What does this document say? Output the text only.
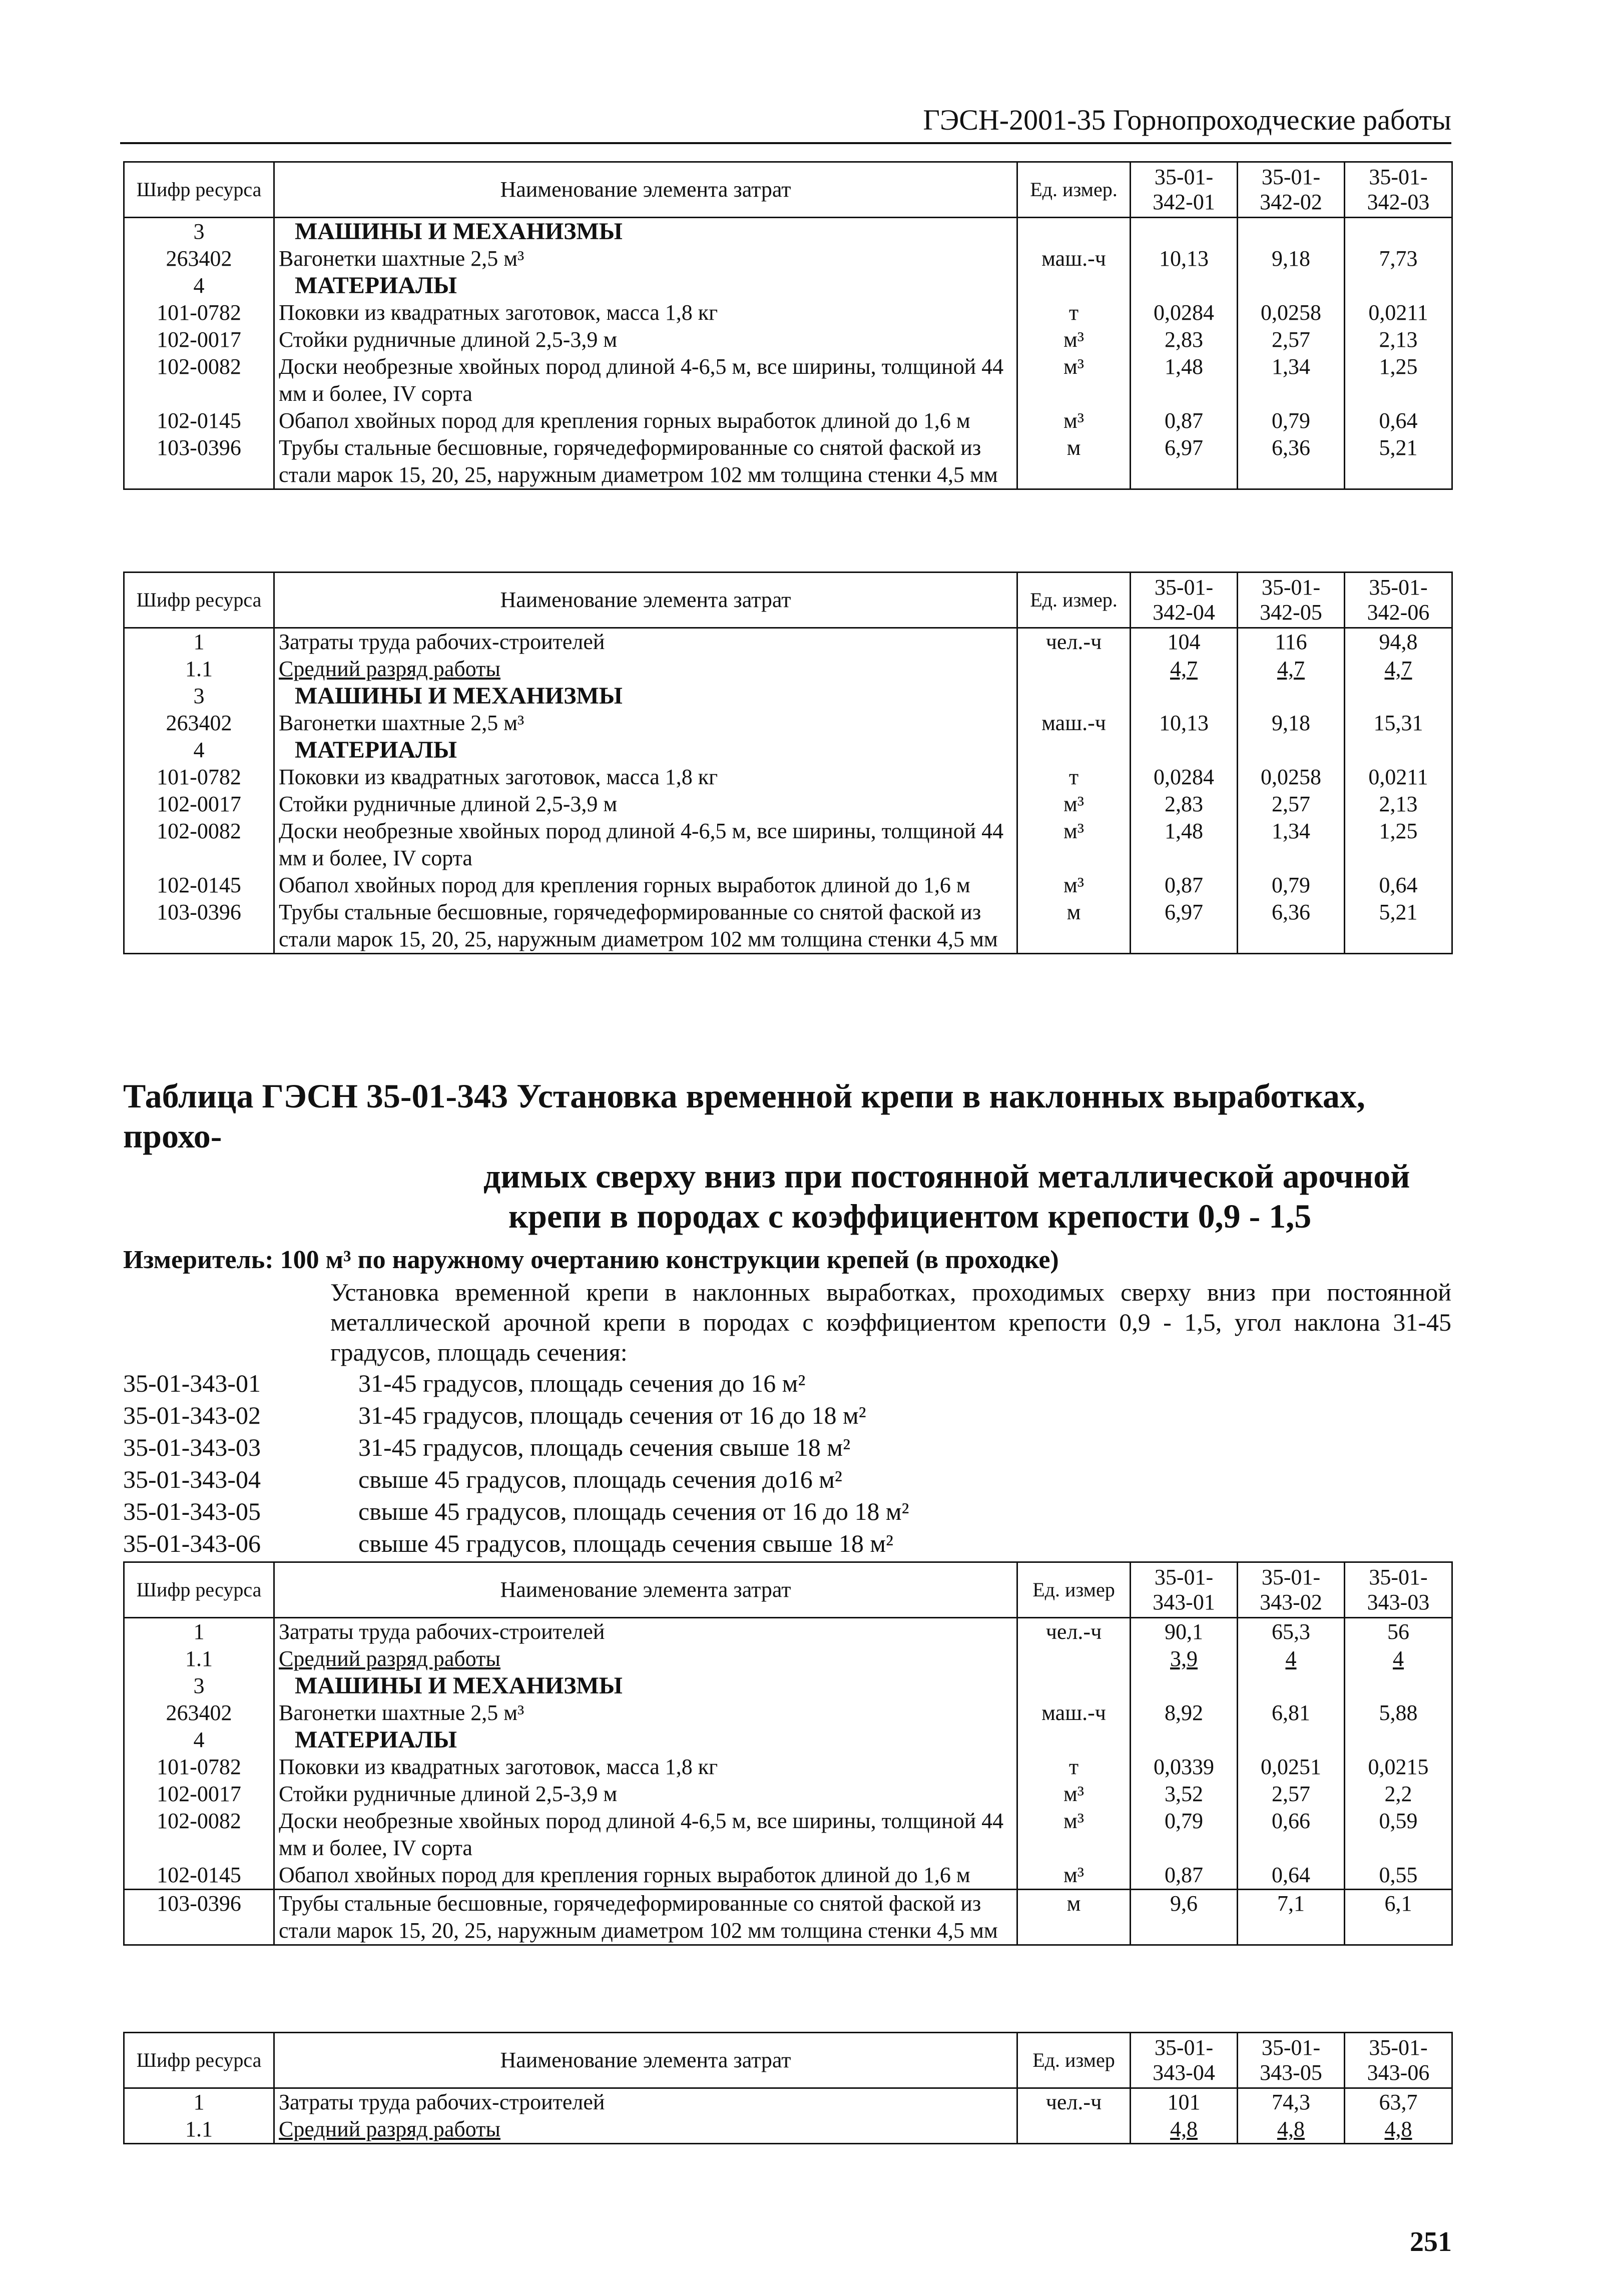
ГЭСН-2001-35 Горнопроходческие работы
Шифр ресурса	Наименование элемента затрат	Ед. измер.	35-01-342-01	35-01-342-02	35-01-342-03
3	МАШИНЫ И МЕХАНИЗМЫ				
263402	Вагонетки шахтные 2,5 м³	маш.-ч	10,13	9,18	7,73
4	МАТЕРИАЛЫ				
101-0782	Поковки из квадратных заготовок, масса 1,8 кг	т	0,0284	0,0258	0,0211
102-0017	Стойки рудничные длиной 2,5-3,9 м	м³	2,83	2,57	2,13
102-0082	Доски необрезные хвойных пород длиной 4-6,5 м, все ширины, толщиной 44 мм и более, IV сорта	м³	1,48	1,34	1,25
102-0145	Обапол хвойных пород для крепления горных выработок длиной до 1,6 м	м³	0,87	0,79	0,64
103-0396	Трубы стальные бесшовные, горячедеформированные со снятой фаской из стали марок 15, 20, 25, наружным диаметром 102 мм толщина стенки 4,5 мм	м	6,97	6,36	5,21
Шифр ресурса	Наименование элемента затрат	Ед. измер.	35-01-342-04	35-01-342-05	35-01-342-06
1	Затраты труда рабочих-строителей	чел.-ч	104	116	94,8
1.1	Средний разряд работы		4,7	4,7	4,7
3	МАШИНЫ И МЕХАНИЗМЫ				
263402	Вагонетки шахтные 2,5 м³	маш.-ч	10,13	9,18	15,31
4	МАТЕРИАЛЫ				
101-0782	Поковки из квадратных заготовок, масса 1,8 кг	т	0,0284	0,0258	0,0211
102-0017	Стойки рудничные длиной 2,5-3,9 м	м³	2,83	2,57	2,13
102-0082	Доски необрезные хвойных пород длиной 4-6,5 м, все ширины, толщиной 44 мм и более, IV сорта	м³	1,48	1,34	1,25
102-0145	Обапол хвойных пород для крепления горных выработок длиной до 1,6 м	м³	0,87	0,79	0,64
103-0396	Трубы стальные бесшовные, горячедеформированные со снятой фаской из стали марок 15, 20, 25, наружным диаметром 102 мм толщина стенки 4,5 мм	м	6,97	6,36	5,21
Таблица ГЭСН 35-01-343 Установка временной крепи в наклонных выработках, прохо-
димых сверху вниз при постоянной металлической арочной
крепи в породах с коэффициентом крепости 0,9 - 1,5
Измеритель: 100 м³ по наружному очертанию конструкции крепей (в проходке)
Установка временной крепи в наклонных выработках, проходимых сверху вниз при постоянной металлической арочной крепи в породах с коэффициентом крепости 0,9 - 1,5, угол наклона 31-45 градусов, площадь сечения:
35-01-343-01	31-45 градусов, площадь сечения до 16 м²
35-01-343-02	31-45 градусов, площадь сечения от 16 до 18 м²
35-01-343-03	31-45 градусов, площадь сечения свыше 18 м²
35-01-343-04	свыше 45 градусов, площадь сечения до16 м²
35-01-343-05	свыше 45 градусов, площадь сечения от 16 до 18 м²
35-01-343-06	свыше 45 градусов, площадь сечения свыше 18 м²
Шифр ресурса	Наименование элемента затрат	Ед. измер	35-01-343-01	35-01-343-02	35-01-343-03
1	Затраты труда рабочих-строителей	чел.-ч	90,1	65,3	56
1.1	Средний разряд работы		3,9	4	4
3	МАШИНЫ И МЕХАНИЗМЫ				
263402	Вагонетки шахтные 2,5 м³	маш.-ч	8,92	6,81	5,88
4	МАТЕРИАЛЫ				
101-0782	Поковки из квадратных заготовок, масса 1,8 кг	т	0,0339	0,0251	0,0215
102-0017	Стойки рудничные длиной 2,5-3,9 м	м³	3,52	2,57	2,2
102-0082	Доски необрезные хвойных пород длиной 4-6,5 м, все ширины, толщиной 44 мм и более, IV сорта	м³	0,79	0,66	0,59
102-0145	Обапол хвойных пород для крепления горных выработок длиной до 1,6 м	м³	0,87	0,64	0,55
103-0396	Трубы стальные бесшовные, горячедеформированные со снятой фаской из стали марок 15, 20, 25, наружным диаметром 102 мм толщина стенки 4,5 мм	м	9,6	7,1	6,1
Шифр ресурса	Наименование элемента затрат	Ед. измер	35-01-343-04	35-01-343-05	35-01-343-06
1	Затраты труда рабочих-строителей	чел.-ч	101	74,3	63,7
1.1	Средний разряд работы		4,8	4,8	4,8
251
